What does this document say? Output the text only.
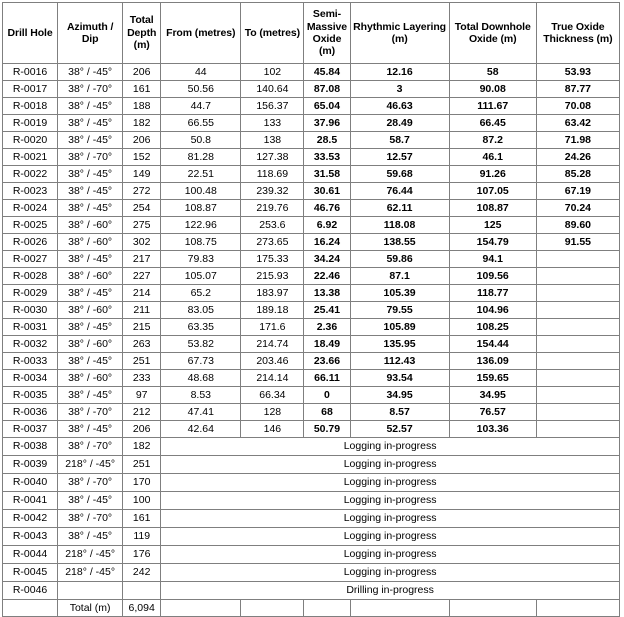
Drill Hole	Azimuth / Dip	Total Depth (m)	From (metres)	To (metres)	Semi-Massive Oxide (m)	Rhythmic Layering (m)	Total Downhole Oxide (m)	True Oxide Thickness (m)
R-0016	38° / -45°	206	44	102	45.84	12.16	58	53.93
R-0017	38° / -70°	161	50.56	140.64	87.08	3	90.08	87.77
R-0018	38° / -45°	188	44.7	156.37	65.04	46.63	111.67	70.08
R-0019	38° / -45°	182	66.55	133	37.96	28.49	66.45	63.42
R-0020	38° / -45°	206	50.8	138	28.5	58.7	87.2	71.98
R-0021	38° / -70°	152	81.28	127.38	33.53	12.57	46.1	24.26
R-0022	38° / -45°	149	22.51	118.69	31.58	59.68	91.26	85.28
R-0023	38° / -45°	272	100.48	239.32	30.61	76.44	107.05	67.19
R-0024	38° / -45°	254	108.87	219.76	46.76	62.11	108.87	70.24
R-0025	38° / -60°	275	122.96	253.6	6.92	118.08	125	89.60
R-0026	38° / -60°	302	108.75	273.65	16.24	138.55	154.79	91.55
R-0027	38° / -45°	217	79.83	175.33	34.24	59.86	94.1	
R-0028	38° / -60°	227	105.07	215.93	22.46	87.1	109.56	
R-0029	38° / -45°	214	65.2	183.97	13.38	105.39	118.77	
R-0030	38° / -60°	211	83.05	189.18	25.41	79.55	104.96	
R-0031	38° / -45°	215	63.35	171.6	2.36	105.89	108.25	
R-0032	38° / -60°	263	53.82	214.74	18.49	135.95	154.44	
R-0033	38° / -45°	251	67.73	203.46	23.66	112.43	136.09	
R-0034	38° / -60°	233	48.68	214.14	66.11	93.54	159.65	
R-0035	38° / -45°	97	8.53	66.34	0	34.95	34.95	
R-0036	38° / -70°	212	47.41	128	68	8.57	76.57	
R-0037	38° / -45°	206	42.64	146	50.79	52.57	103.36	
R-0038	38° / -70°	182	Logging in-progress					
R-0039	218° / -45°	251	Logging in-progress					
R-0040	38° / -70°	170	Logging in-progress					
R-0041	38° / -45°	100	Logging in-progress					
R-0042	38° / -70°	161	Logging in-progress					
R-0043	38° / -45°	119	Logging in-progress					
R-0044	218° / -45°	176	Logging in-progress					
R-0045	218° / -45°	242	Logging in-progress					
R-0046			Drilling in-progress					
	Total (m)	6,094						
